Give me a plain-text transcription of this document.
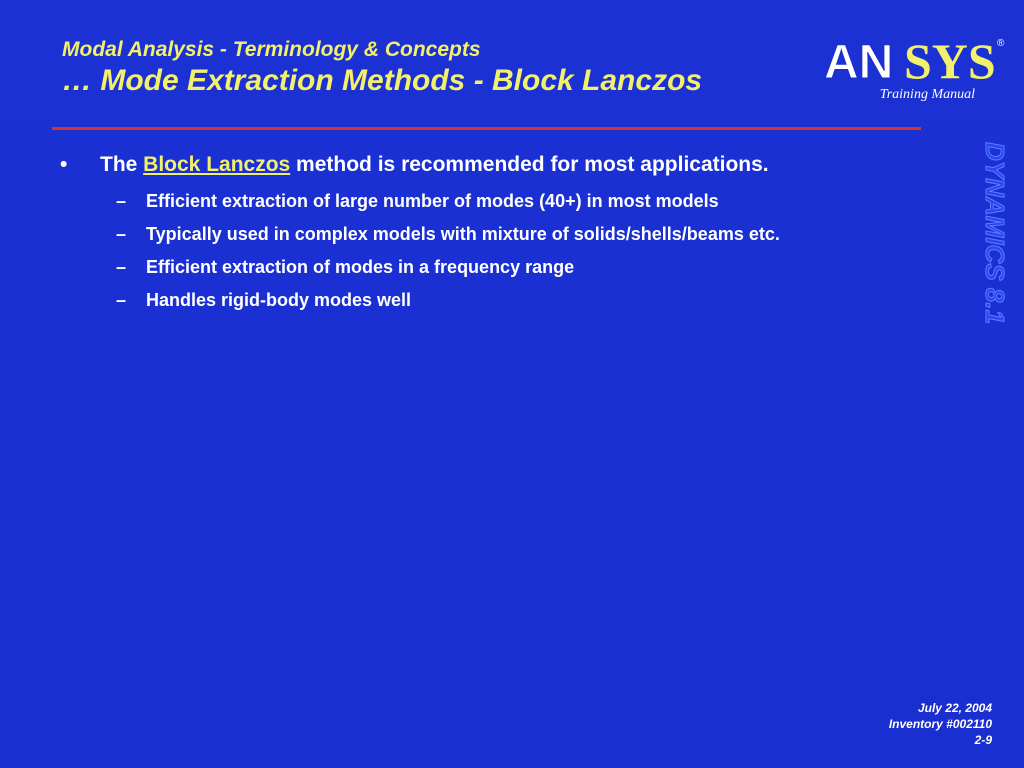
Modal Analysis - Terminology & Concepts

… Mode Extraction Methods - Block Lanczos	AN SYS ®
Training Manual
DYNAMICS 8.1
• The Block Lanczos method is recommended for most applications.
– Efficient extraction of large number of modes (40+) in most models
– Typically used in complex models with mixture of solids/shells/beams etc.
– Efficient extraction of modes in a frequency range
– Handles rigid-body modes well
July 22, 2004
Inventory #002110
2-9
